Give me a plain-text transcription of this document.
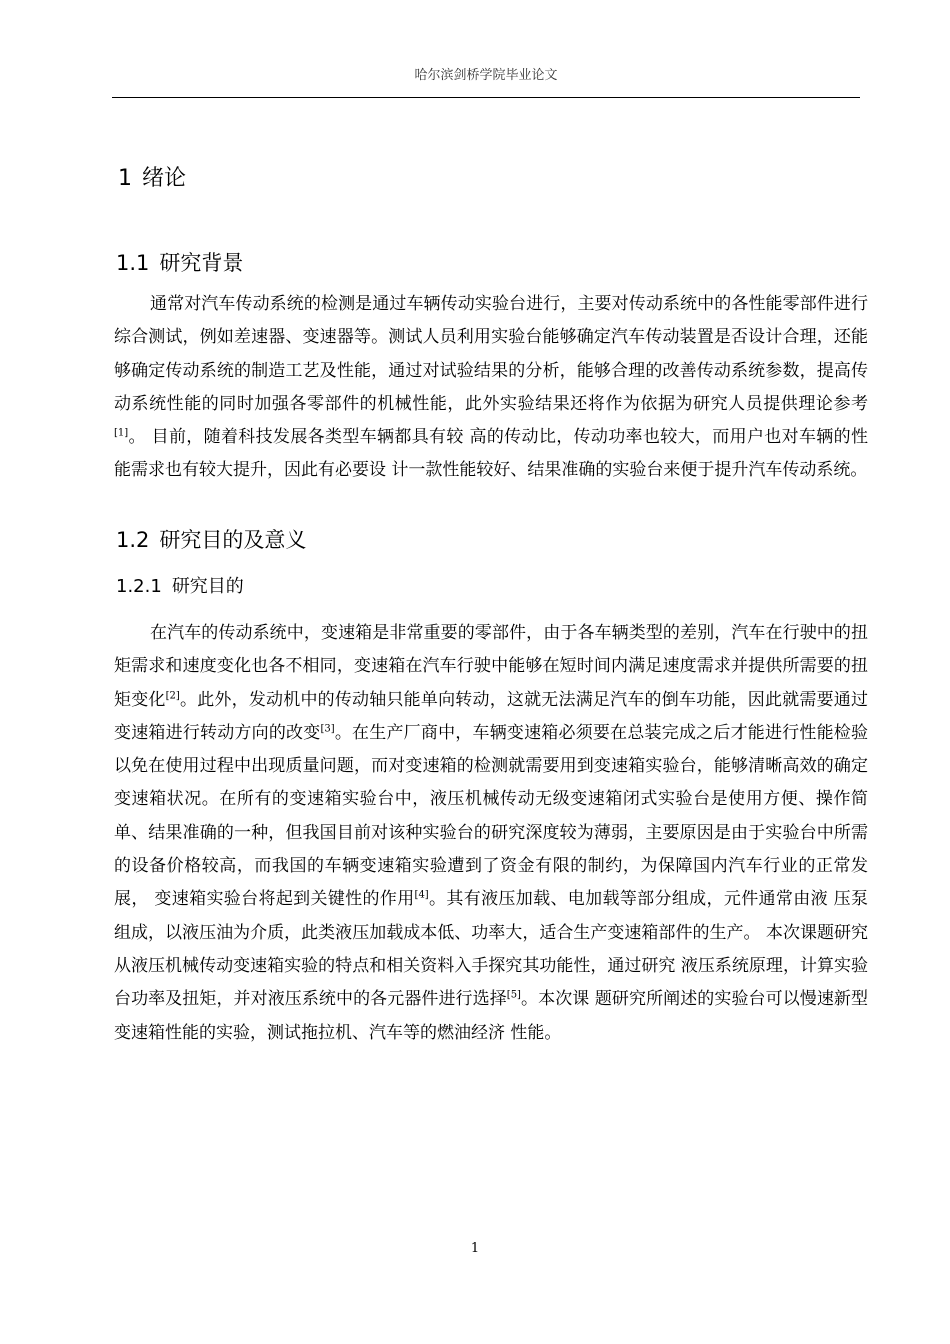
哈尔滨剑桥学院毕业论文
1 绪论
1.1 研究背景

通常对汽车传动系统的检测是通过车辆传动实验台进行，主要对传动系统中的各性能零部件进行综合测试，例如差速器、变速器等。测试人员利用实验台能够确定汽车传动装置是否设计合理，还能够确定传动系统的制造工艺及性能，通过对试验结果的分析，能够合理的改善传动系统参数，提高传动系统性能的同时加强各零部件的机械性能，此外实验结果还将作为依据为研究人员提供理论参考[1]。 目前，随着科技发展各类型车辆都具有较 高的传动比，传动功率也较大，而用户也对车辆的性能需求也有较大提升，因此有必要设 计一款性能较好、结果准确的实验台来便于提升汽车传动系统。

1.2 研究目的及意义
1.2.1 研究目的

在汽车的传动系统中，变速箱是非常重要的零部件，由于各车辆类型的差别，汽车在行驶中的扭矩需求和速度变化也各不相同，变速箱在汽车行驶中能够在短时间内满足速度需求并提供所需要的扭矩变化[2]。此外，发动机中的传动轴只能单向转动，这就无法满足汽车的倒车功能，因此就需要通过变速箱进行转动方向的改变[3]。在生产厂商中，车辆变速箱必须要在总装完成之后才能进行性能检验以免在使用过程中出现质量问题，而对变速箱的检测就需要用到变速箱实验台，能够清晰高效的确定变速箱状况。在所有的变速箱实验台中，液压机械传动无级变速箱闭式实验台是使用方便、操作简单、结果准确的一种，但我国目前对该种实验台的研究深度较为薄弱，主要原因是由于实验台中所需的设备价格较高，而我国的车辆变速箱实验遭到了资金有限的制约，为保障国内汽车行业的正常发展， 变速箱实验台将起到关键性的作用[4]。其有液压加载、电加载等部分组成，元件通常由液 压泵组成，以液压油为介质，此类液压加载成本低、功率大，适合生产变速箱部件的生产。 本次课题研究从液压机械传动变速箱实验的特点和相关资料入手探究其功能性，通过研究 液压系统原理，计算实验台功率及扭矩，并对液压系统中的各元器件进行选择[5]。本次课 题研究所阐述的实验台可以慢速新型变速箱性能的实验，测试拖拉机、汽车等的燃油经济 性能。

1
